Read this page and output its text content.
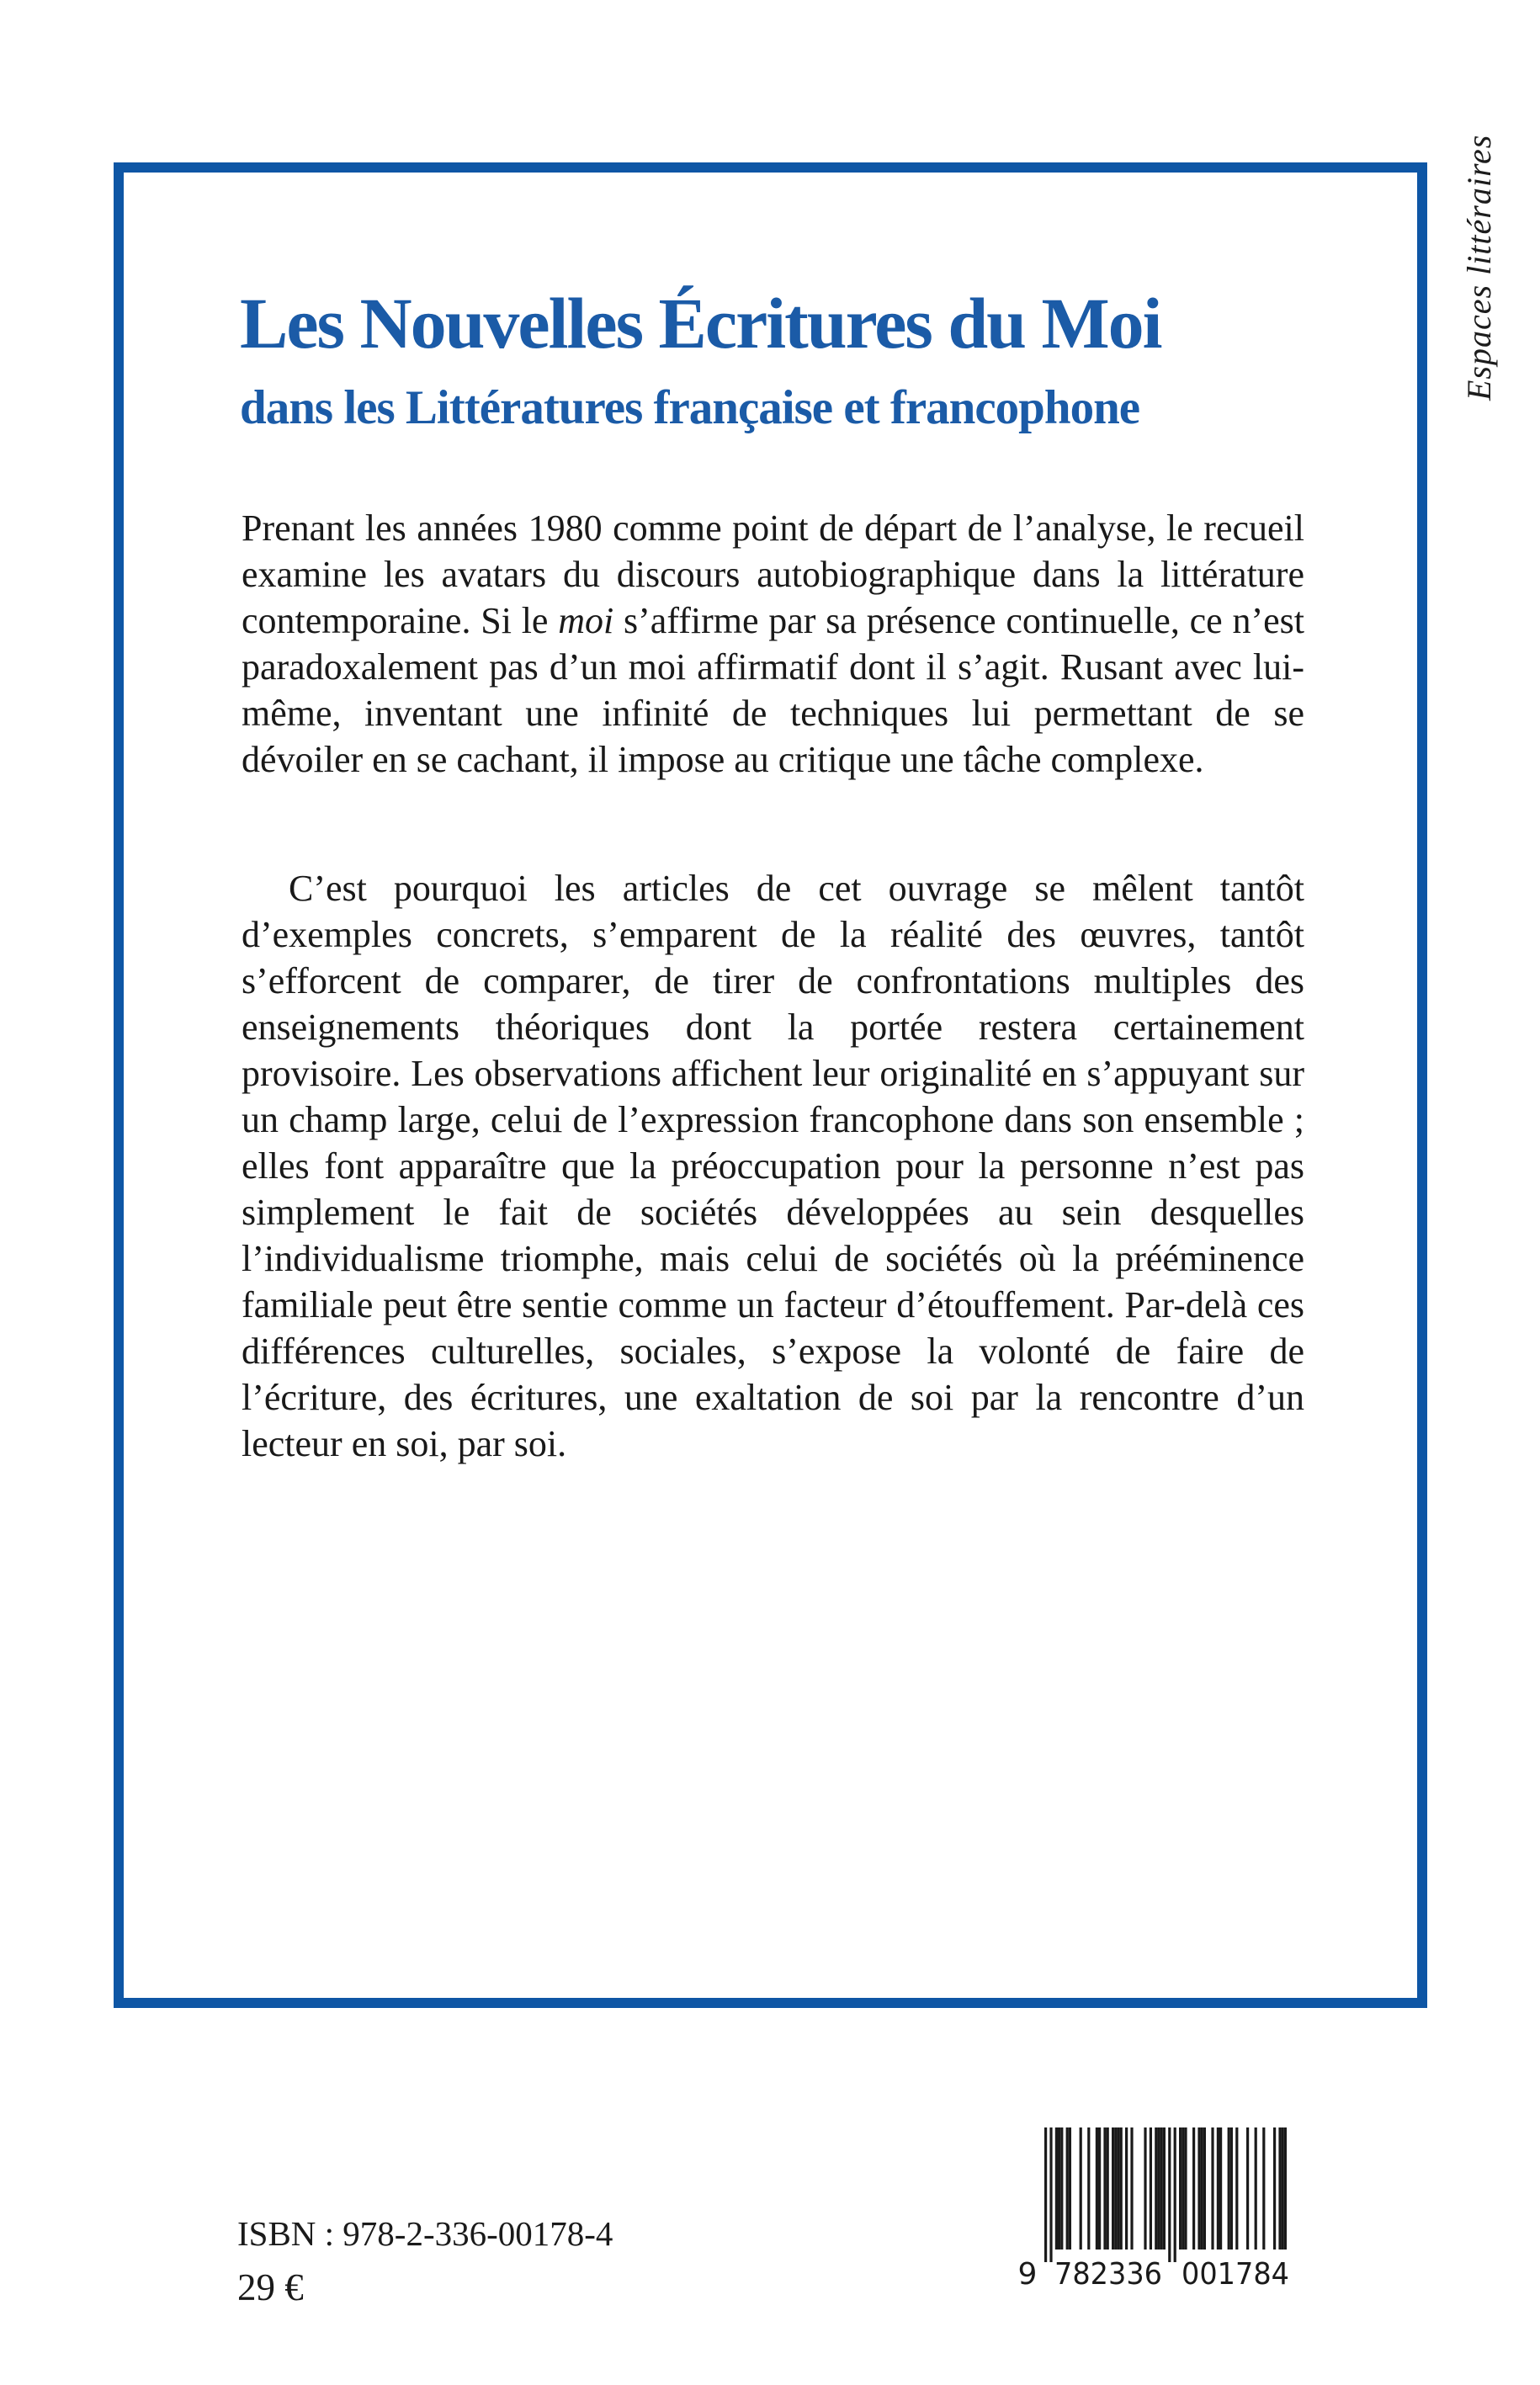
Espaces littéraires
Les Nouvelles Écritures du Moi
dans les Littératures française et francophone

Prenant les années 1980 comme point de départ de l’analyse, le recueil examine les avatars du discours autobiographique dans la littérature contemporaine. Si le moi s’affirme par sa présence continuelle, ce n’est paradoxalement pas d’un moi affirmatif dont il s’agit. Rusant avec lui-même, inventant une infinité de techniques lui permettant de se dévoiler en se cachant, il impose au critique une tâche complexe.

C’est pourquoi les articles de cet ouvrage se mêlent tantôt d’exemples concrets, s’emparent de la réalité des œuvres, tantôt s’efforcent de comparer, de tirer de confrontations multiples des enseignements théoriques dont la portée restera certainement provisoire. Les observations affichent leur originalité en s’appuyant sur un champ large, celui de l’expression francophone dans son ensemble ; elles font apparaître que la préoccupation pour la personne n’est pas simplement le fait de sociétés développées au sein desquelles l’individualisme triomphe, mais celui de sociétés où la prééminence familiale peut être sentie comme un facteur d’étouffement. Par-delà ces différences culturelles, sociales, s’expose la volonté de faire de l’écriture, des écritures, une exaltation de soi par la rencontre d’un lecteur en soi, par soi.

ISBN : 978-2-336-00178-4
29 €	9 782336 001784
